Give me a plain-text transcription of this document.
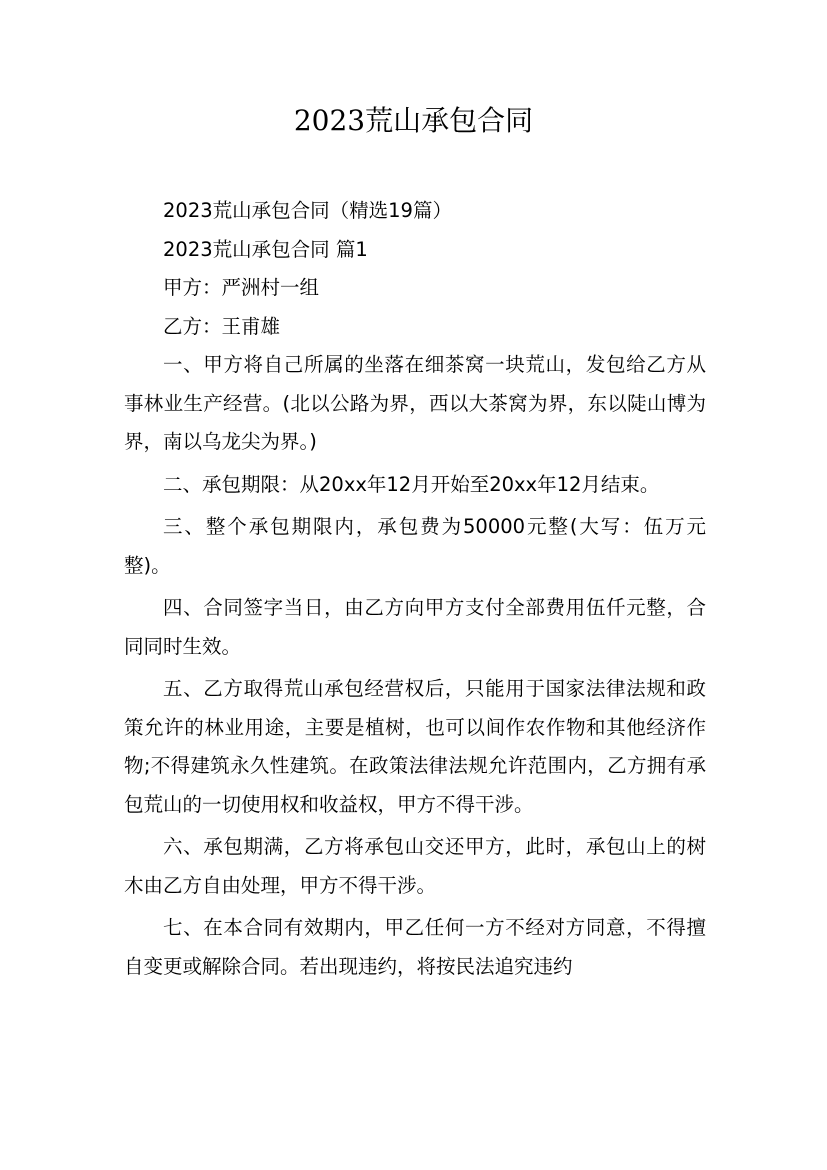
2023荒山承包合同

2023荒山承包合同（精选19篇）

2023荒山承包合同 篇1

甲方：严洲村一组

乙方：王甫雄

一、甲方将自己所属的坐落在细茶窝一块荒山，发包给乙方从事林业生产经营。(北以公路为界，西以大茶窝为界，东以陡山博为界，南以乌龙尖为界。)

二、承包期限：从20xx年12月开始至20xx年12月结束。

三、整个承包期限内，承包费为50000元整(大写：伍万元整)。

四、合同签字当日，由乙方向甲方支付全部费用伍仟元整，合同同时生效。

五、乙方取得荒山承包经营权后，只能用于国家法律法规和政策允许的林业用途，主要是植树，也可以间作农作物和其他经济作物;不得建筑永久性建筑。在政策法律法规允许范围内，乙方拥有承包荒山的一切使用权和收益权，甲方不得干涉。

六、承包期满，乙方将承包山交还甲方，此时，承包山上的树木由乙方自由处理，甲方不得干涉。

七、在本合同有效期内，甲乙任何一方不经对方同意，不得擅自变更或解除合同。若出现违约，将按民法追究违约
